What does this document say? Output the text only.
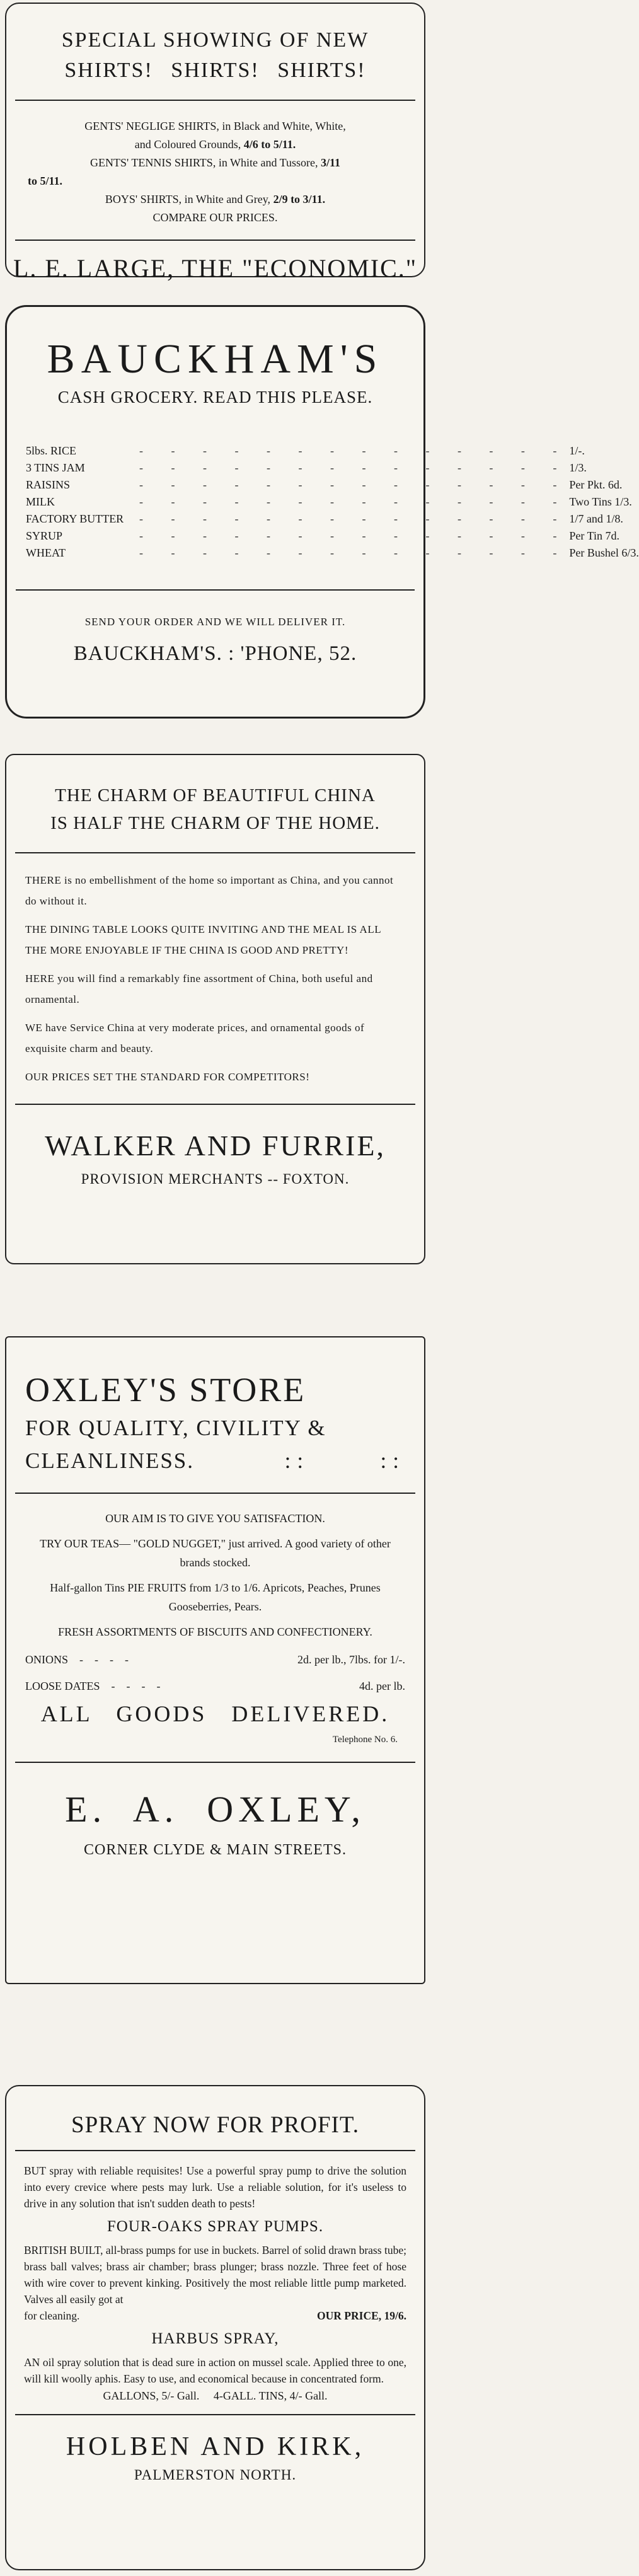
SPECIAL SHOWING OF NEW
SHIRTS! SHIRTS! SHIRTS!
GENTS' NEGLIGE SHIRTS, in Black and White, White,
and Coloured Grounds, 4/6 to 5/11.
GENTS' TENNIS SHIRTS, in White and Tussore, 3/11
to 5/11.
BOYS' SHIRTS, in White and Grey, 2/9 to 3/11.
COMPARE OUR PRICES.
L. E. LARGE, THE "ECONOMIC."
BAUCKHAM'S
CASH GROCERY. READ THIS PLEASE.
5lbs. RICE	- - - - - - - - - - - - - - 1/-.
3 TINS JAM	- - - - - - - - - - - - - - 1/3.
RAISINS	- - - - - - - - - - - - - - Per Pkt. 6d.
MILK	- - - - - - - - - - - - - - Two Tins 1/3.
FACTORY BUTTER	- - - - - - - - - - - - - - 1/7 and 1/8.
SYRUP	- - - - - - - - - - - - - - Per Tin 7d.
WHEAT	- - - - - - - - - - - - - - Per Bushel 6/3.
SEND YOUR ORDER AND WE WILL DELIVER IT.
BAUCKHAM'S. : 'PHONE, 52.
THE CHARM OF BEAUTIFUL CHINA
IS HALF THE CHARM OF THE HOME.
THERE is no embellishment of the home so important as China, and you cannot do without it.
THE DINING TABLE LOOKS QUITE INVITING AND THE MEAL IS ALL THE MORE ENJOYABLE IF THE CHINA IS GOOD AND PRETTY!
HERE you will find a remarkably fine assortment of China, both useful and ornamental.
WE have Service China at very moderate prices, and ornamental goods of exquisite charm and beauty.
OUR PRICES SET THE STANDARD FOR COMPETITORS!
WALKER AND FURRIE,
PROVISION MERCHANTS -- FOXTON.
OXLEY'S STORE
FOR QUALITY, CIVILITY &
CLEANLINESS.	::      ::
OUR AIM IS TO GIVE YOU SATISFACTION.
TRY OUR TEAS— "GOLD NUGGET," just arrived. A good variety of other brands stocked.
Half-gallon Tins PIE FRUITS from 1/3 to 1/6. Apricots, Peaches, Prunes Gooseberries, Pears.
FRESH ASSORTMENTS OF BISCUITS AND CONFECTIONERY.
ONIONS    -    -    -    -	2d. per lb., 7lbs. for 1/-.
LOOSE DATES    -    -    -    -	4d. per lb.
ALL   GOODS   DELIVERED.
Telephone No. 6.
E.  A.  OXLEY,
CORNER CLYDE & MAIN STREETS.
SPRAY NOW FOR PROFIT.
BUT spray with reliable requisites! Use a powerful spray pump to drive the solution into every crevice where pests may lurk. Use a reliable solution, for it's useless to drive in any solution that isn't sudden death to pests!
FOUR-OAKS SPRAY PUMPS.
BRITISH BUILT, all-brass pumps for use in buckets. Barrel of solid drawn brass tube; brass ball valves; brass air chamber; brass plunger; brass nozzle. Three feet of hose with wire cover to prevent kinking. Positively the most reliable little pump marketed. Valves all easily got at
for cleaning.	OUR PRICE, 19/6.
HARBUS SPRAY,
AN oil spray solution that is dead sure in action on mussel scale. Applied three to one, will kill woolly aphis. Easy to use, and economical because in concentrated form.
GALLONS, 5/- Gall.     4-GALL. TINS, 4/- Gall.
HOLBEN AND KIRK,
PALMERSTON NORTH.
